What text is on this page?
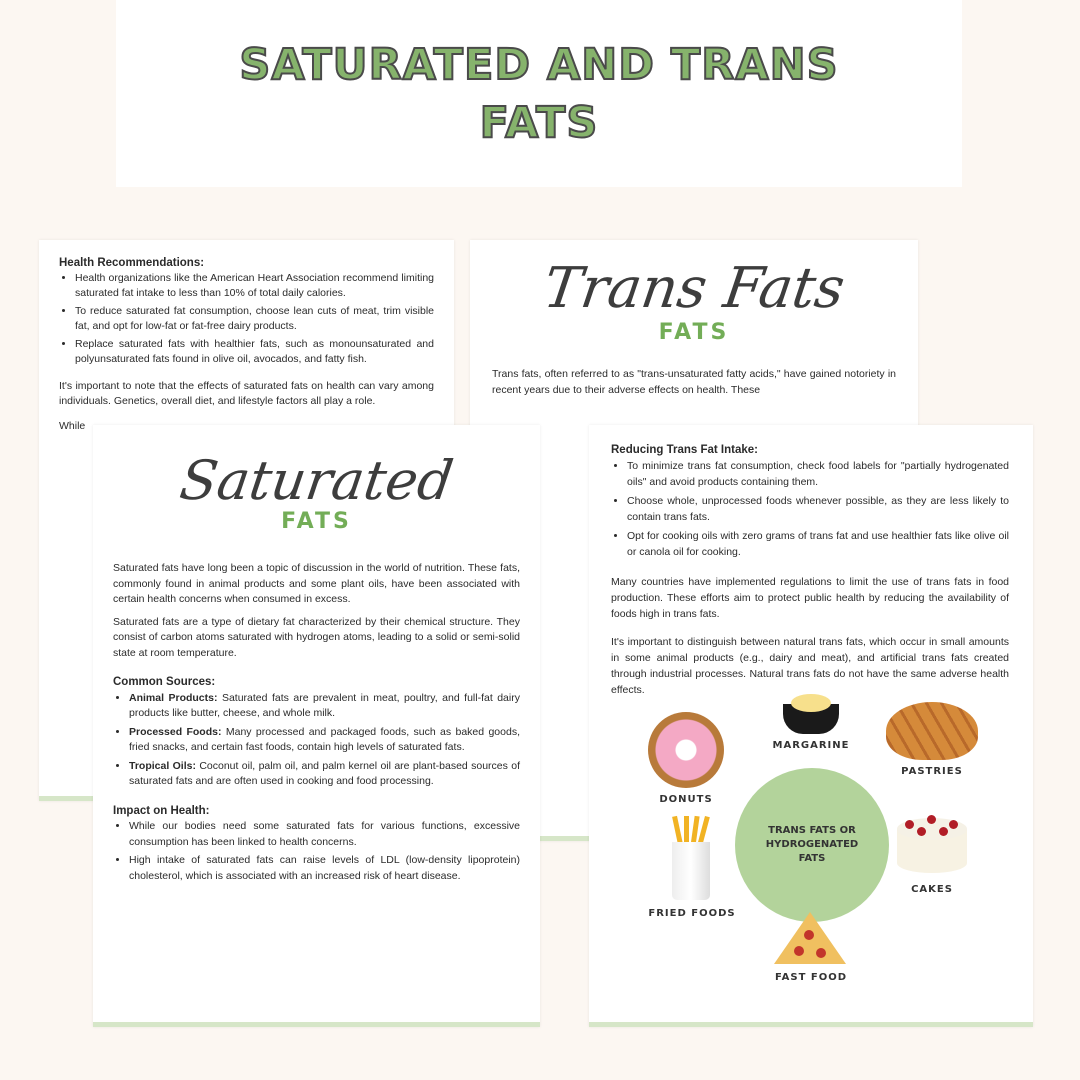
SATURATED AND TRANS FATS

Health Recommendations:

• Health organizations like the American Heart Association recommend limiting saturated fat intake to less than 10% of total daily calories.
• To reduce saturated fat consumption, choose lean cuts of meat, trim visible fat, and opt for low-fat or fat-free dairy products.
• Replace saturated fats with healthier fats, such as monounsaturated and polyunsaturated fats found in olive oil, avocados, and fatty fish.

It's important to note that the effects of saturated fats on health can vary among individuals. Genetics, overall diet, and lifestyle factors all play a role.

While

Trans Fats
FATS

Trans fats, often referred to as "trans-unsaturated fatty acids," have gained notoriety in recent years due to their adverse effects on health. These

Saturated
FATS

Saturated fats have long been a topic of discussion in the world of nutrition. These fats, commonly found in animal products and some plant oils, have been associated with certain health concerns when consumed in excess.

Saturated fats are a type of dietary fat characterized by their chemical structure. They consist of carbon atoms saturated with hydrogen atoms, leading to a solid or semi-solid state at room temperature.

Common Sources:

• Animal Products: Saturated fats are prevalent in meat, poultry, and full-fat dairy products like butter, cheese, and whole milk.
• Processed Foods: Many processed and packaged foods, such as baked goods, fried snacks, and certain fast foods, contain high levels of saturated fats.
• Tropical Oils: Coconut oil, palm oil, and palm kernel oil are plant-based sources of saturated fats and are often used in cooking and food processing.

Impact on Health:

• While our bodies need some saturated fats for various functions, excessive consumption has been linked to health concerns.
• High intake of saturated fats can raise levels of LDL (low-density lipoprotein) cholesterol, which is associated with an increased risk of heart disease.

Reducing Trans Fat Intake:

• To minimize trans fat consumption, check food labels for "partially hydrogenated oils" and avoid products containing them.
• Choose whole, unprocessed foods whenever possible, as they are less likely to contain trans fats.
• Opt for cooking oils with zero grams of trans fat and use healthier fats like olive oil or canola oil for cooking.

Many countries have implemented regulations to limit the use of trans fats in food production. These efforts aim to protect public health by reducing the availability of foods high in trans fats.

It's important to distinguish between natural trans fats, which occur in small amounts in some animal products (e.g., dairy and meat), and artificial trans fats created through industrial processes. Natural trans fats do not have the same adverse health effects.

TRANS FATS OR HYDROGENATED FATS
DONUTS
MARGARINE
PASTRIES
FRIED FOODS
CAKES
FAST FOOD
